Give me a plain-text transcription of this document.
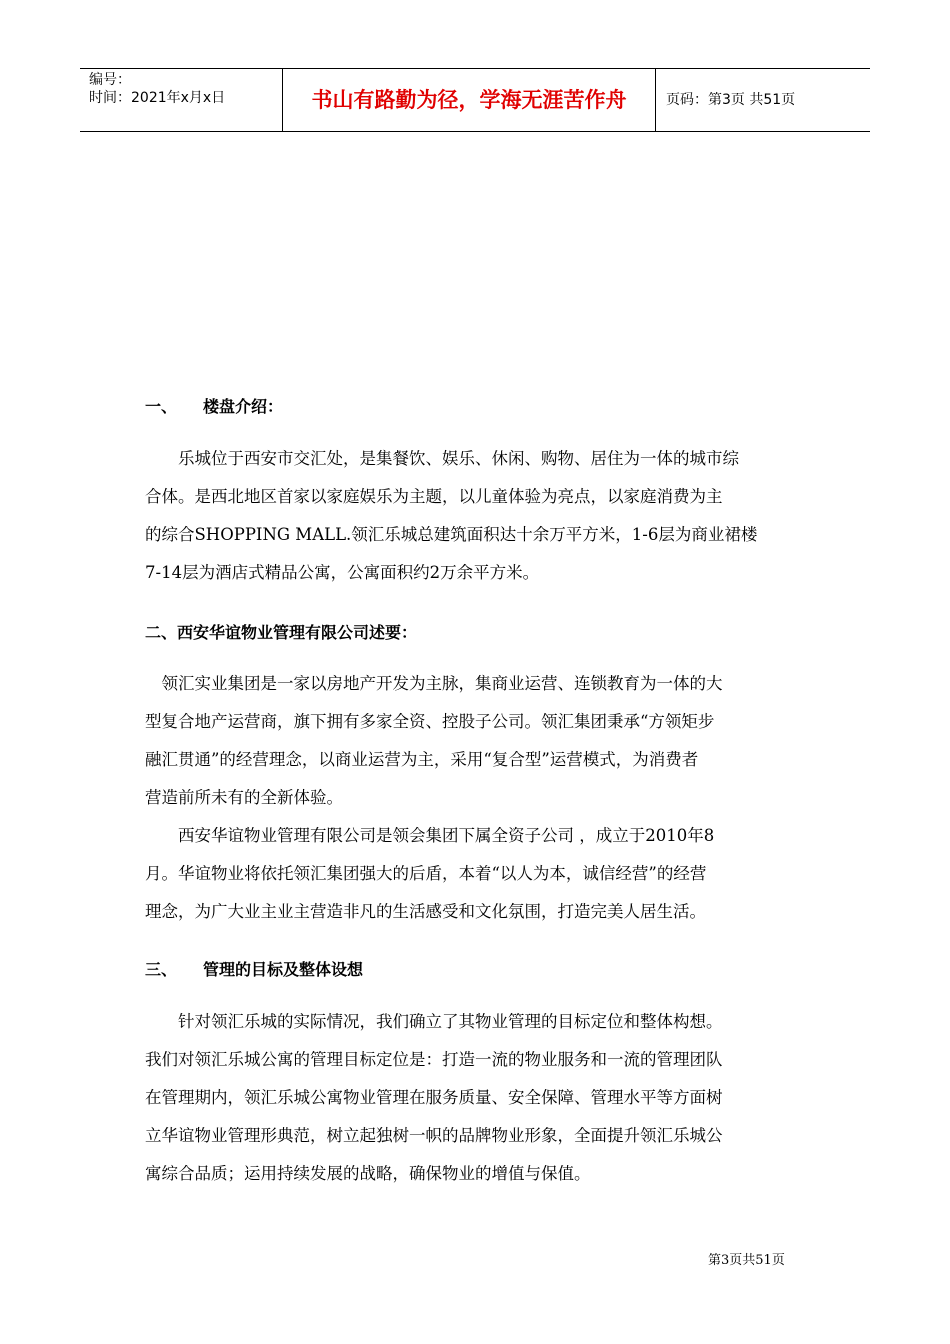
编号：
时间：2021年x月x日	书山有路勤为径，学海无涯苦作舟	页码：第3页 共51页
一、 楼盘介绍：
　　乐城位于西安市交汇处，是集餐饮、娱乐、休闲、购物、居住为一体的城市综
合体。是西北地区首家以家庭娱乐为主题，以儿童体验为亮点，以家庭消费为主
的综合SHOPPING MALL.领汇乐城总建筑面积达十余万平方米，1-6层为商业裙楼
7-14层为酒店式精品公寓，公寓面积约2万余平方米。
二、西安华谊物业管理有限公司述要：
　领汇实业集团是一家以房地产开发为主脉，集商业运营、连锁教育为一体的大
型复合地产运营商，旗下拥有多家全资、控股子公司。领汇集团秉承“方领矩步
融汇贯通”的经营理念，以商业运营为主，采用“复合型”运营模式，为消费者
营造前所未有的全新体验。
　　西安华谊物业管理有限公司是领会集团下属全资子公司 ，成立于2010年8
月。华谊物业将依托领汇集团强大的后盾，本着“以人为本，诚信经营”的经营
理念，为广大业主业主营造非凡的生活感受和文化氛围，打造完美人居生活。
三、 管理的目标及整体设想
　　针对领汇乐城的实际情况，我们确立了其物业管理的目标定位和整体构想。
我们对领汇乐城公寓的管理目标定位是：打造一流的物业服务和一流的管理团队
在管理期内，领汇乐城公寓物业管理在服务质量、安全保障、管理水平等方面树
立华谊物业管理形典范，树立起独树一帜的品牌物业形象，全面提升领汇乐城公
寓综合品质；运用持续发展的战略，确保物业的增值与保值。
第3页共51页
